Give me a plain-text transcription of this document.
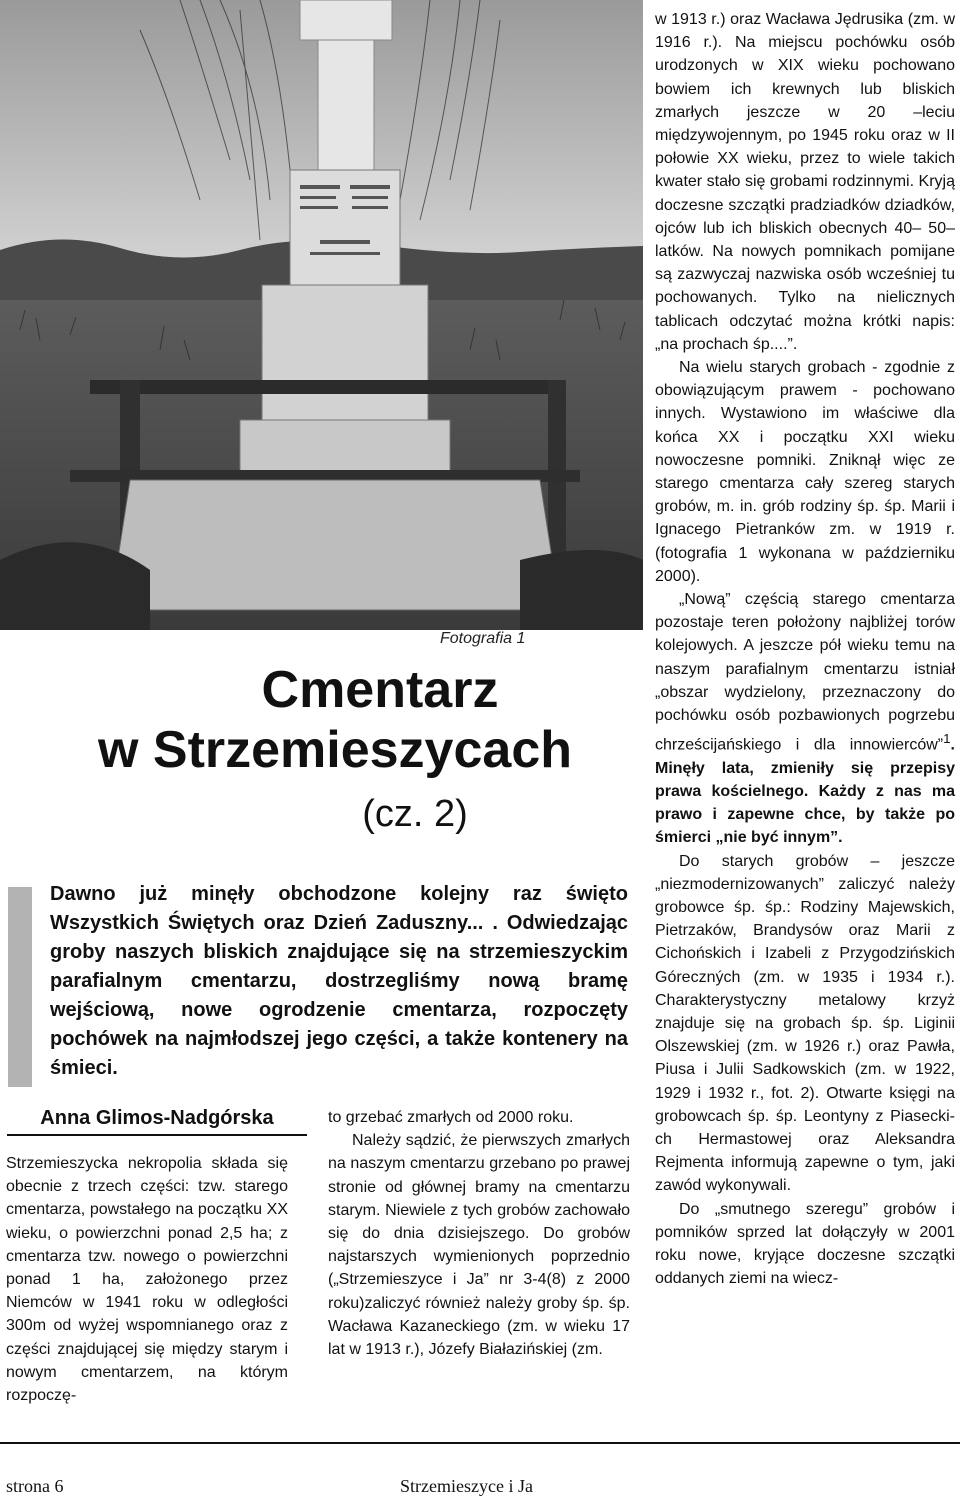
Fotografia 1
Cmentarz
w Strzemieszycach
(cz. 2)
Dawno już minęły obchodzone kolejny raz święto Wszystkich Świętych oraz Dzień Zaduszny... . Odwiedzając groby naszych bliskich znajdujące się na strzemieszyckim parafialnym cmentarzu, dostrzegliśmy nową bramę wejściową, nowe ogrodzenie cmentarza, rozpoczęty pochówek na najmłodszej jego części, a także kontenery na śmieci.
Anna Glimos-Nadgórska

Strzemieszycka nekropolia składa się obecnie z trzech części: tzw. starego cmentarza, powstałego na początku XX wieku, o powierzchni ponad 2,5 ha; z cmentarza tzw. nowego o powierzchni ponad 1 ha, założonego przez Niemców w 1941 roku w odległości 300m od wyżej wspomnianego oraz z części znajdującej się między starym i nowym cmentarzem, na którym rozpoczę-

to grzebać zmarłych od 2000 roku.

Należy sądzić, że pierwszych zmarłych na naszym cmentarzu grzebano po prawej stronie od głównej bramy na cmentarzu starym. Niewiele z tych grobów zachowało się do dnia dzisiejszego. Do grobów najstarszych wymienionych poprzednio („Strzemieszyce i Ja” nr 3-4(8) z 2000 roku)zaliczyć również należy groby śp. śp. Wacława Kazaneckiego (zm. w wieku 17 lat w 1913 r.), Józefy Białazińskiej (zm.

w 1913 r.) oraz Wacława Jędrusika (zm. w 1916 r.). Na miejscu pochówku osób urodzonych w XIX wieku pochowano bowiem ich krewnych lub bliskich zmarłych jeszcze w 20 –leciu międzywojennym, po 1945 roku oraz w II połowie XX wieku, przez to wiele takich kwater stało się grobami rodzinnymi. Kryją doczesne szczątki pradziadków dziadków, ojców lub ich bliskich obecnych 40– 50–latków. Na nowych pomnikach pomijane są zazwyczaj nazwiska osób wcześniej tu pochowanych. Tylko na nielicznych tablicach odczytać można krótki napis: „na prochach śp....”.

Na wielu starych grobach - zgodnie z obowiązującym prawem - pochowano innych. Wystawiono im właściwe dla końca XX i początku XXI wieku nowoczesne pomniki. Zniknął więc ze starego cmentarza cały szereg starych grobów, m. in. grób rodziny śp. śp. Marii i Ignacego Pietranków zm. w 1919 r. (fotografia 1 wykonana w październiku 2000).

„Nową” częścią starego cmentarza pozostaje teren położony najbliżej torów kolejowych. A jeszcze pół wieku temu na naszym parafialnym cmentarzu istniał „obszar wydzielony, przeznaczony do pochówku osób pozbawionych pogrzebu chrześcijańskiego i dla innowierców”$^1$. Minęły lata, zmieniły się przepisy prawa kościelnego. Każdy z nas ma prawo i zapewne chce, by także po śmierci „nie być innym”.

Do starych grobów – jeszcze „niezmodernizowanych” zaliczyć należy grobowce śp. śp.: Rodziny Majewskich, Pietrzaków, Brandysów oraz Marii z Cichońskich i Izabeli z Przygodzińskich Góreczných (zm. w 1935 i 1934 r.). Charakterystyczny metalowy krzyż znajduje się na grobach śp. śp. Liginii Olszewskiej (zm. w 1926 r.) oraz Pawła, Piusa i Julii Sadkowskich (zm. w 1922, 1929 i 1932 r., fot. 2). Otwarte księgi na grobowcach śp. śp. Leontyny z Piaseckich Hermastowej oraz Aleksandra Rejmenta informują zapewne o tym, jaki zawód wykonywali.

Do „smutnego szeregu” grobów i pomników sprzed lat dołączyły w 2001 roku nowe, kryjące doczesne szczątki oddanych ziemi na wiecz-

strona 6	Strzemieszyce i Ja
